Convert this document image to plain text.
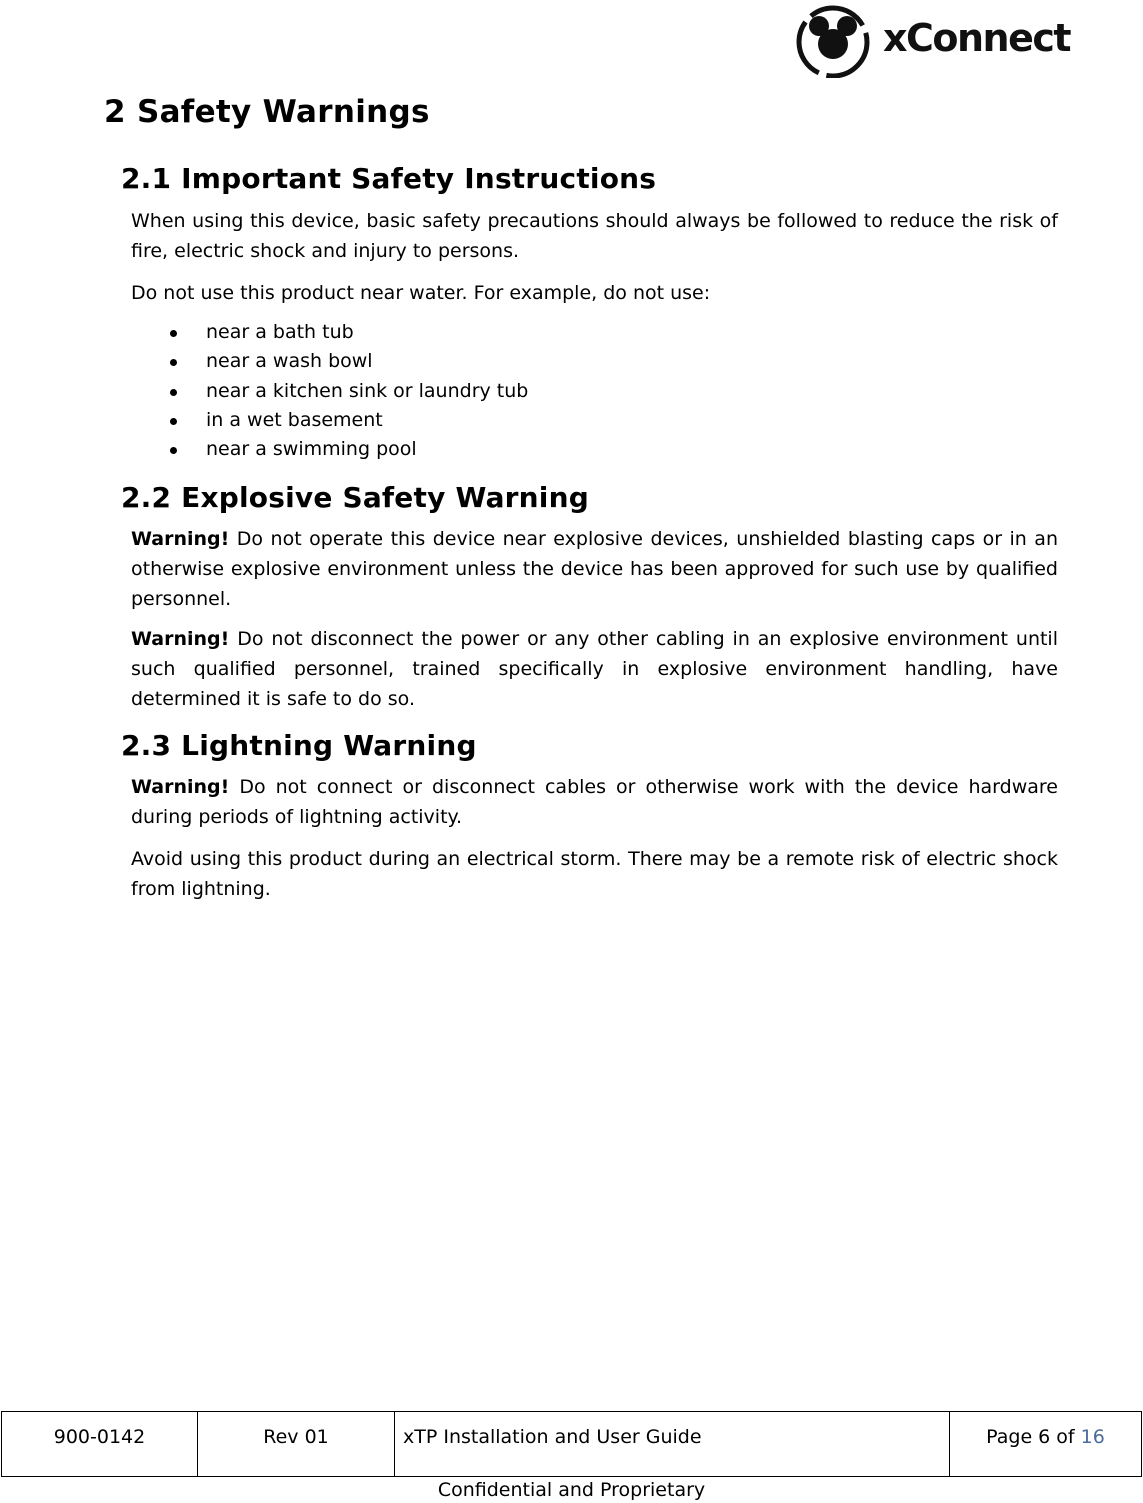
xConnect
2 Safety Warnings
2.1 Important Safety Instructions

When using this device, basic safety precautions should always be followed to reduce the risk of fire, electric shock and injury to persons.

Do not use this product near water. For example, do not use:

near a bath tub
near a wash bowl
near a kitchen sink or laundry tub
in a wet basement
near a swimming pool
2.2 Explosive Safety Warning

Warning! Do not operate this device near explosive devices, unshielded blasting caps or in an otherwise explosive environment unless the device has been approved for such use by qualified personnel.

Warning! Do not disconnect the power or any other cabling in an explosive environment until such qualified personnel, trained specifically in explosive environment handling, have determined it is safe to do so.

2.3 Lightning Warning

Warning! Do not connect or disconnect cables or otherwise work with the device hardware during periods of lightning activity.

Avoid using this product during an electrical storm. There may be a remote risk of electric shock from lightning.

900-0142	Rev 01	xTP Installation and User Guide	Page 6 of 16
Confidential and Proprietary
